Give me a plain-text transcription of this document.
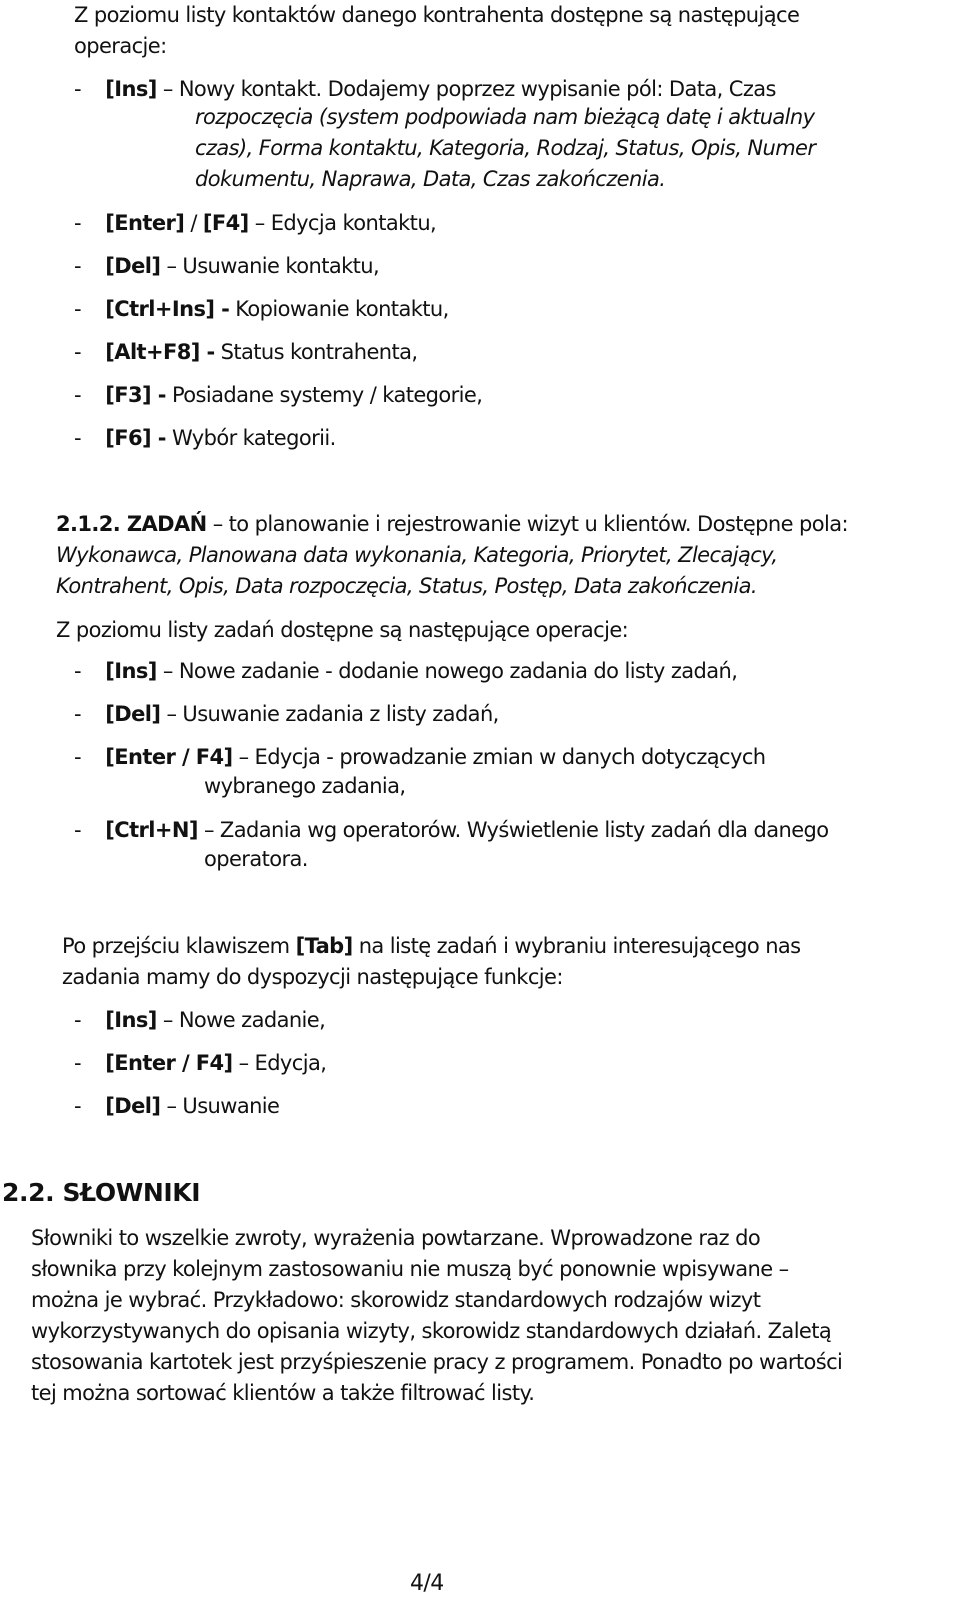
Z poziomu listy kontaktów danego kontrahenta dostępne są następujące
operacje:
- [Ins] – Nowy kontakt. Dodajemy poprzez wypisanie pól: Data, Czas
rozpoczęcia (system podpowiada nam bieżącą datę i aktualny
czas), Forma kontaktu, Kategoria, Rodzaj, Status, Opis, Numer
dokumentu, Naprawa, Data, Czas zakończenia.
- [Enter] / [F4] – Edycja kontaktu,
- [Del] – Usuwanie kontaktu,
- [Ctrl+Ins] - Kopiowanie kontaktu,
- [Alt+F8] - Status kontrahenta,
- [F3] - Posiadane systemy / kategorie,
- [F6] - Wybór kategorii.
2.1.2. ZADAŃ – to planowanie i rejestrowanie wizyt u klientów. Dostępne pola:
Wykonawca, Planowana data wykonania, Kategoria, Priorytet, Zlecający,
Kontrahent, Opis, Data rozpoczęcia, Status, Postęp, Data zakończenia.
Z poziomu listy zadań dostępne są następujące operacje:
- [Ins] – Nowe zadanie - dodanie nowego zadania do listy zadań,
- [Del] – Usuwanie zadania z listy zadań,
- [Enter / F4] – Edycja - prowadzanie zmian w danych dotyczących
wybranego zadania,
- [Ctrl+N] – Zadania wg operatorów. Wyświetlenie listy zadań dla danego
operatora.
Po przejściu klawiszem [Tab] na listę zadań i wybraniu interesującego nas
zadania mamy do dyspozycji następujące funkcje:
- [Ins] – Nowe zadanie,
- [Enter / F4] – Edycja,
- [Del] – Usuwanie
2.2. SŁOWNIKI
Słowniki to wszelkie zwroty, wyrażenia powtarzane. Wprowadzone raz do
słownika przy kolejnym zastosowaniu nie muszą być ponownie wpisywane –
można je wybrać. Przykładowo: skorowidz standardowych rodzajów wizyt
wykorzystywanych do opisania wizyty, skorowidz standardowych działań. Zaletą
stosowania kartotek jest przyśpieszenie pracy z programem. Ponadto po wartości
tej można sortować klientów a także filtrować listy.
4/4
